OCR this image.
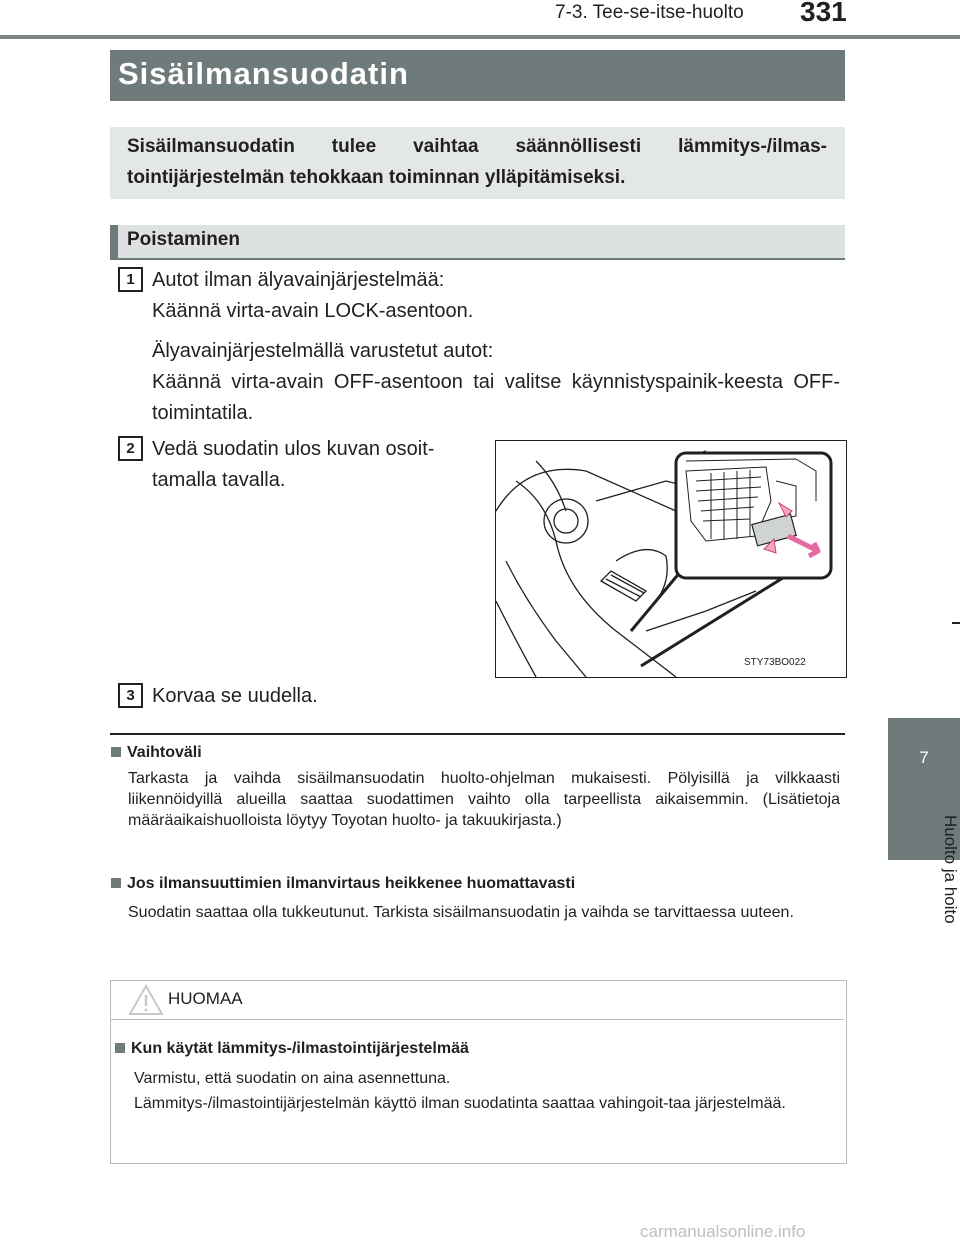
7-3. Tee-se-itse-huolto 331
Sisäilmansuodatin
Sisäilmansuodatin tulee vaihtaa säännöllisesti lämmitys-/ilmas-tointijärjestelmän tehokkaan toiminnan ylläpitämiseksi.
Poistaminen
1 Autot ilman älyavainjärjestelmää:

Käännä virta-avain LOCK-asentoon.

Älyavainjärjestelmällä varustetut autot:

Käännä virta-avain OFF-asentoon tai valitse käynnistyspainik-keesta OFF-toimintatila.

2 Vedä suodatin ulos kuvan osoit-tamalla tavalla.
STY73BO022
3 Korvaa se uudella.
Vaihtoväli
Tarkasta ja vaihda sisäilmansuodatin huolto-ohjelman mukaisesti. Pölyisillä ja vilkkaasti liikennöidyillä alueilla saattaa suodattimen vaihto olla tarpeellista aikaisemmin. (Lisätietoja määräaikaishuolloista löytyy Toyotan huolto- ja takuukirjasta.)
Jos ilmansuuttimien ilmanvirtaus heikkenee huomattavasti
Suodatin saattaa olla tukkeutunut. Tarkista sisäilmansuodatin ja vaihda se tarvittaessa uuteen.
HUOMAA
Kun käytät lämmitys-/ilmastointijärjestelmää
Varmistu, että suodatin on aina asennettuna.
Lämmitys-/ilmastointijärjestelmän käyttö ilman suodatinta saattaa vahingoit-taa järjestelmää.
7
Huolto ja hoito
carmanualsonline.info
